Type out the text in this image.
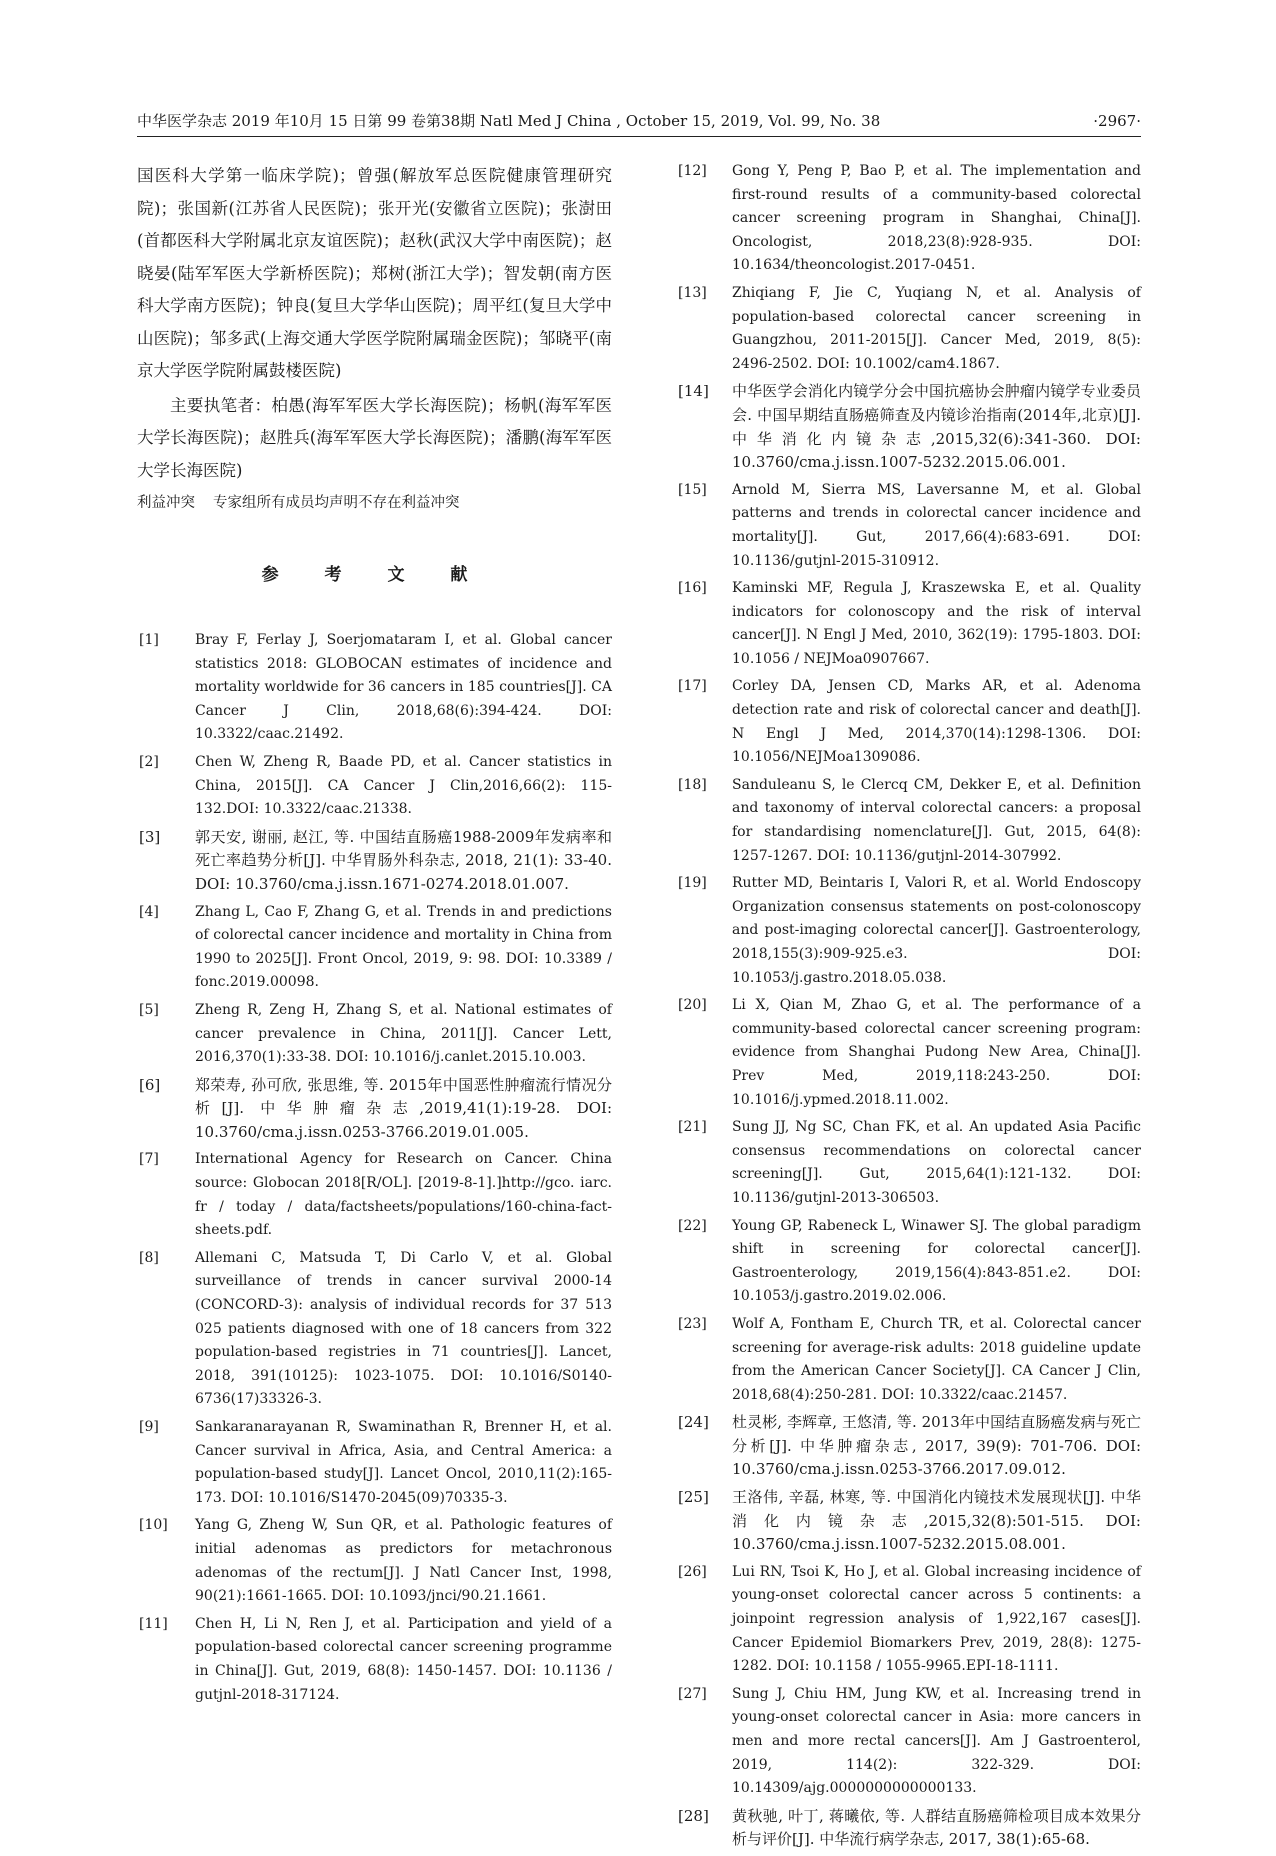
中华医学杂志 2019 年10月 15 日第 99 卷第38期 Natl Med J China , October 15, 2019, Vol. 99, No. 38	·2967·

国医科大学第一临床学院)；曾强(解放军总医院健康管理研究院)；张国新(江苏省人民医院)；张开光(安徽省立医院)；张澍田(首都医科大学附属北京友谊医院)；赵秋(武汉大学中南医院)；赵晓晏(陆军军医大学新桥医院)；郑树(浙江大学)；智发朝(南方医科大学南方医院)；钟良(复旦大学华山医院)；周平红(复旦大学中山医院)；邹多武(上海交通大学医学院附属瑞金医院)；邹晓平(南京大学医学院附属鼓楼医院)

主要执笔者：柏愚(海军军医大学长海医院)；杨帆(海军军医大学长海医院)；赵胜兵(海军军医大学长海医院)；潘鹏(海军军医大学长海医院)

利益冲突 专家组所有成员均声明不存在利益冲突

参 考 文 献
[1]	Bray F, Ferlay J, Soerjomataram I, et al. Global cancer statistics 2018: GLOBOCAN estimates of incidence and mortality worldwide for 36 cancers in 185 countries[J]. CA Cancer J Clin, 2018,68(6):394-424. DOI: 10.3322/caac.21492.
[2]	Chen W, Zheng R, Baade PD, et al. Cancer statistics in China, 2015[J]. CA Cancer J Clin,2016,66(2): 115-132.DOI: 10.3322/caac.21338.
[3] 郭天安, 谢丽, 赵江, 等. 中国结直肠癌1988-2009年发病率和死亡率趋势分析[J]. 中华胃肠外科杂志, 2018, 21(1): 33-40. DOI: 10.3760/cma.j.issn.1671-0274.2018.01.007.
[4]	Zhang L, Cao F, Zhang G, et al. Trends in and predictions of colorectal cancer incidence and mortality in China from 1990 to 2025[J]. Front Oncol, 2019, 9: 98. DOI: 10.3389 / fonc.2019.00098.
[5]	Zheng R, Zeng H, Zhang S, et al. National estimates of cancer prevalence in China, 2011[J]. Cancer Lett, 2016,370(1):33-38. DOI: 10.1016/j.canlet.2015.10.003.
[6] 郑荣寿, 孙可欣, 张思维, 等. 2015年中国恶性肿瘤流行情况分析[J]. 中华肿瘤杂志,2019,41(1):19-28. DOI: 10.3760/cma.j.issn.0253-3766.2019.01.005.
[7]	International Agency for Research on Cancer. China source: Globocan 2018[R/OL]. [2019-8-1].]http://gco. iarc. fr / today / data/factsheets/populations/160-china-fact-sheets.pdf.
[8]	Allemani C, Matsuda T, Di Carlo V, et al. Global surveillance of trends in cancer survival 2000-14 (CONCORD-3): analysis of individual records for 37 513 025 patients diagnosed with one of 18 cancers from 322 population-based registries in 71 countries[J]. Lancet, 2018, 391(10125): 1023-1075. DOI: 10.1016/S0140-6736(17)33326-3.
[9]	Sankaranarayanan R, Swaminathan R, Brenner H, et al. Cancer survival in Africa, Asia, and Central America: a population-based study[J]. Lancet Oncol, 2010,11(2):165-173. DOI: 10.1016/S1470-2045(09)70335-3.
[10] Yang G, Zheng W, Sun QR, et al. Pathologic features of initial adenomas as predictors for metachronous adenomas of the rectum[J]. J Natl Cancer Inst, 1998, 90(21):1661-1665. DOI: 10.1093/jnci/90.21.1661.
[11] Chen H, Li N, Ren J, et al. Participation and yield of a population-based colorectal cancer screening programme in China[J]. Gut, 2019, 68(8): 1450-1457. DOI: 10.1136 / gutjnl-2018-317124.
[12] Gong Y, Peng P, Bao P, et al. The implementation and first-round results of a community-based colorectal cancer screening program in Shanghai, China[J]. Oncologist, 2018,23(8):928-935. DOI: 10.1634/theoncologist.2017-0451.
[13] Zhiqiang F, Jie C, Yuqiang N, et al. Analysis of population-based colorectal cancer screening in Guangzhou, 2011-2015[J]. Cancer Med, 2019, 8(5): 2496-2502. DOI: 10.1002/cam4.1867.
[14] 中华医学会消化内镜学分会中国抗癌协会肿瘤内镜学专业委员会. 中国早期结直肠癌筛查及内镜诊治指南(2014年,北京)[J]. 中华消化内镜杂志,2015,32(6):341-360. DOI: 10.3760/cma.j.issn.1007-5232.2015.06.001.
[15] Arnold M, Sierra MS, Laversanne M, et al. Global patterns and trends in colorectal cancer incidence and mortality[J]. Gut, 2017,66(4):683-691. DOI: 10.1136/gutjnl-2015-310912.
[16] Kaminski MF, Regula J, Kraszewska E, et al. Quality indicators for colonoscopy and the risk of interval cancer[J]. N Engl J Med, 2010, 362(19): 1795-1803. DOI: 10.1056 / NEJMoa0907667.
[17] Corley DA, Jensen CD, Marks AR, et al. Adenoma detection rate and risk of colorectal cancer and death[J]. N Engl J Med, 2014,370(14):1298-1306. DOI: 10.1056/NEJMoa1309086.
[18] Sanduleanu S, le Clercq CM, Dekker E, et al. Definition and taxonomy of interval colorectal cancers: a proposal for standardising nomenclature[J]. Gut, 2015, 64(8): 1257-1267. DOI: 10.1136/gutjnl-2014-307992.
[19] Rutter MD, Beintaris I, Valori R, et al. World Endoscopy Organization consensus statements on post-colonoscopy and post-imaging colorectal cancer[J]. Gastroenterology, 2018,155(3):909-925.e3. DOI: 10.1053/j.gastro.2018.05.038.
[20] Li X, Qian M, Zhao G, et al. The performance of a community-based colorectal cancer screening program: evidence from Shanghai Pudong New Area, China[J]. Prev Med, 2019,118:243-250. DOI: 10.1016/j.ypmed.2018.11.002.
[21] Sung JJ, Ng SC, Chan FK, et al. An updated Asia Pacific consensus recommendations on colorectal cancer screening[J]. Gut, 2015,64(1):121-132. DOI: 10.1136/gutjnl-2013-306503.
[22] Young GP, Rabeneck L, Winawer SJ. The global paradigm shift in screening for colorectal cancer[J]. Gastroenterology, 2019,156(4):843-851.e2. DOI: 10.1053/j.gastro.2019.02.006.
[23] Wolf A, Fontham E, Church TR, et al. Colorectal cancer screening for average-risk adults: 2018 guideline update from the American Cancer Society[J]. CA Cancer J Clin, 2018,68(4):250-281. DOI: 10.3322/caac.21457.
[24] 杜灵彬, 李辉章, 王悠清, 等. 2013年中国结直肠癌发病与死亡分析[J]. 中华肿瘤杂志, 2017, 39(9): 701-706. DOI: 10.3760/cma.j.issn.0253-3766.2017.09.012.
[25] 王洛伟, 辛磊, 林寒, 等. 中国消化内镜技术发展现状[J]. 中华消化内镜杂志,2015,32(8):501-515. DOI: 10.3760/cma.j.issn.1007-5232.2015.08.001.
[26] Lui RN, Tsoi K, Ho J, et al. Global increasing incidence of young-onset colorectal cancer across 5 continents: a joinpoint regression analysis of 1,922,167 cases[J]. Cancer Epidemiol Biomarkers Prev, 2019, 28(8): 1275-1282. DOI: 10.1158 / 1055-9965.EPI-18-1111.
[27] Sung J, Chiu HM, Jung KW, et al. Increasing trend in young-onset colorectal cancer in Asia: more cancers in men and more rectal cancers[J]. Am J Gastroenterol, 2019, 114(2): 322-329. DOI: 10.14309/ajg.0000000000000133.
[28] 黄秋驰, 叶丁, 蒋曦依, 等. 人群结直肠癌筛检项目成本效果分析与评价[J]. 中华流行病学杂志, 2017, 38(1):65-68.
